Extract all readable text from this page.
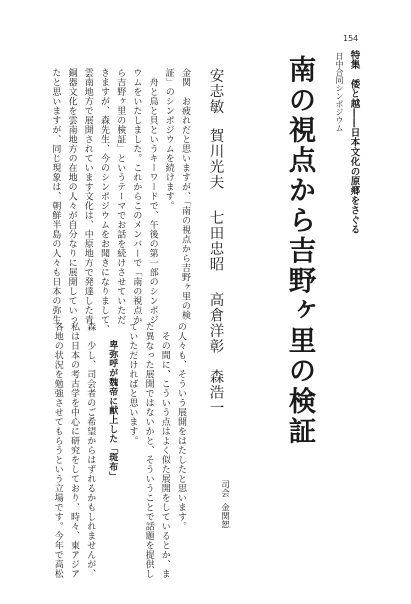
154
特集　倭と越――日本文化の原郷をさぐる
日中合同シンポジウム
南の視点から吉野ヶ里の検証
安志敏
賀川光夫
七田忠昭
高倉洋彰
森浩一
司会金関恕
金関　お疲れだと思いますが、「南の視点から吉野ヶ里の検
証」のシンポジウムを続けます。
　舟と鳥と貝というキーワードで、午後の第一部のシンポジ
ウムをいたしました。これからこのメンバーで「南の視点か
ら吉野ヶ里の検証」というテーマでお話を続けさせていただ
きますが、森先生、今のシンポジウムをお聞きになりまして、
雲南地方で展開されています文化は、中原地方で発達した青
銅器文化を雲南地方の在地の人々が自分なりに展開していっ
たと思いますが、同じ現象は、朝鮮半島の人々も日本の弥生
の人々も、そういう展開をはたしたと思います。
　その間に、こういう点はよく似た展開をしているとか、ま
た異なった展開ではないかと、そういうことで話題を提供し
ていただければと思います。
卑弥呼が魏帝に献上した「斑布」
森　少し、司会者のご希望からはずれるかもしれませんが、
私は日本の考古学を中心に研究をしており、時々、東アジア
各地の状況を勉強させてもらうという立場です。今年で高松
